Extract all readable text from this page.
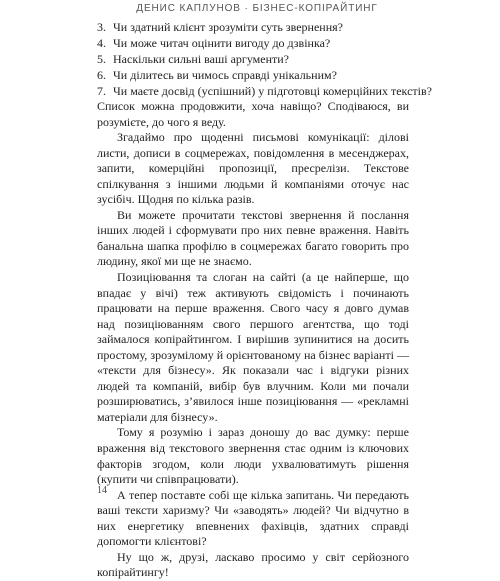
ДЕНИС КАПЛУНОВ · БІЗНЕС-КОПІРАЙТИНГ
3. Чи здатний клієнт зрозуміти суть звернення?
4. Чи може читач оцінити вигоду до дзвінка?
5. Наскільки сильні ваші аргументи?
6. Чи ділитесь ви чимось справді унікальним?
7. Чи маєте досвід (успішний) у підготовці комерційних текстів?

Список можна продовжити, хоча навіщо? Сподіваюся, ви розумієте, до чого я веду.

Згадаймо про щоденні письмові комунікації: ділові листи, дописи в соцмережах, повідомлення в месенджерах, запити, комерційні пропозиції, пресрелізи. Текстове спілкування з іншими людьми й компаніями оточує нас зусібіч. Щодня по кілька разів.

Ви можете прочитати текстові звернення й послання інших людей і сформувати про них певне враження. Навіть банальна шапка профілю в соцмережах багато говорить про людину, якої ми ще не знаємо.

Позиціювання та слоган на сайті (а це найперше, що впадає у вічі) теж активують свідомість і починають працювати на перше враження. Свого часу я довго думав над позиціюванням свого першого агентства, що тоді займалося копірайтингом. І вирішив зупинитися на досить простому, зрозумілому й орієнтованому на бізнес варіанті — «тексти для бізнесу». Як показали час і відгуки різних людей та компаній, вибір був влучним. Коли ми почали розширюватись, з’явилося інше позиціювання — «рекламні матеріали для бізнесу».

Тому я розумію і зараз доношу до вас думку: перше враження від текстового звернення стає одним із ключових факторів згодом, коли люди ухвалюватимуть рішення (купити чи співпрацювати).

А тепер поставте собі ще кілька запитань. Чи передають ваші тексти харизму? Чи «заводять» людей? Чи відчутно в них енергетику впевнених фахівців, здатних справді допомогти клієнтові?

Ну що ж, друзі, ласкаво просимо у світ серйозного копірайтингу!

14
